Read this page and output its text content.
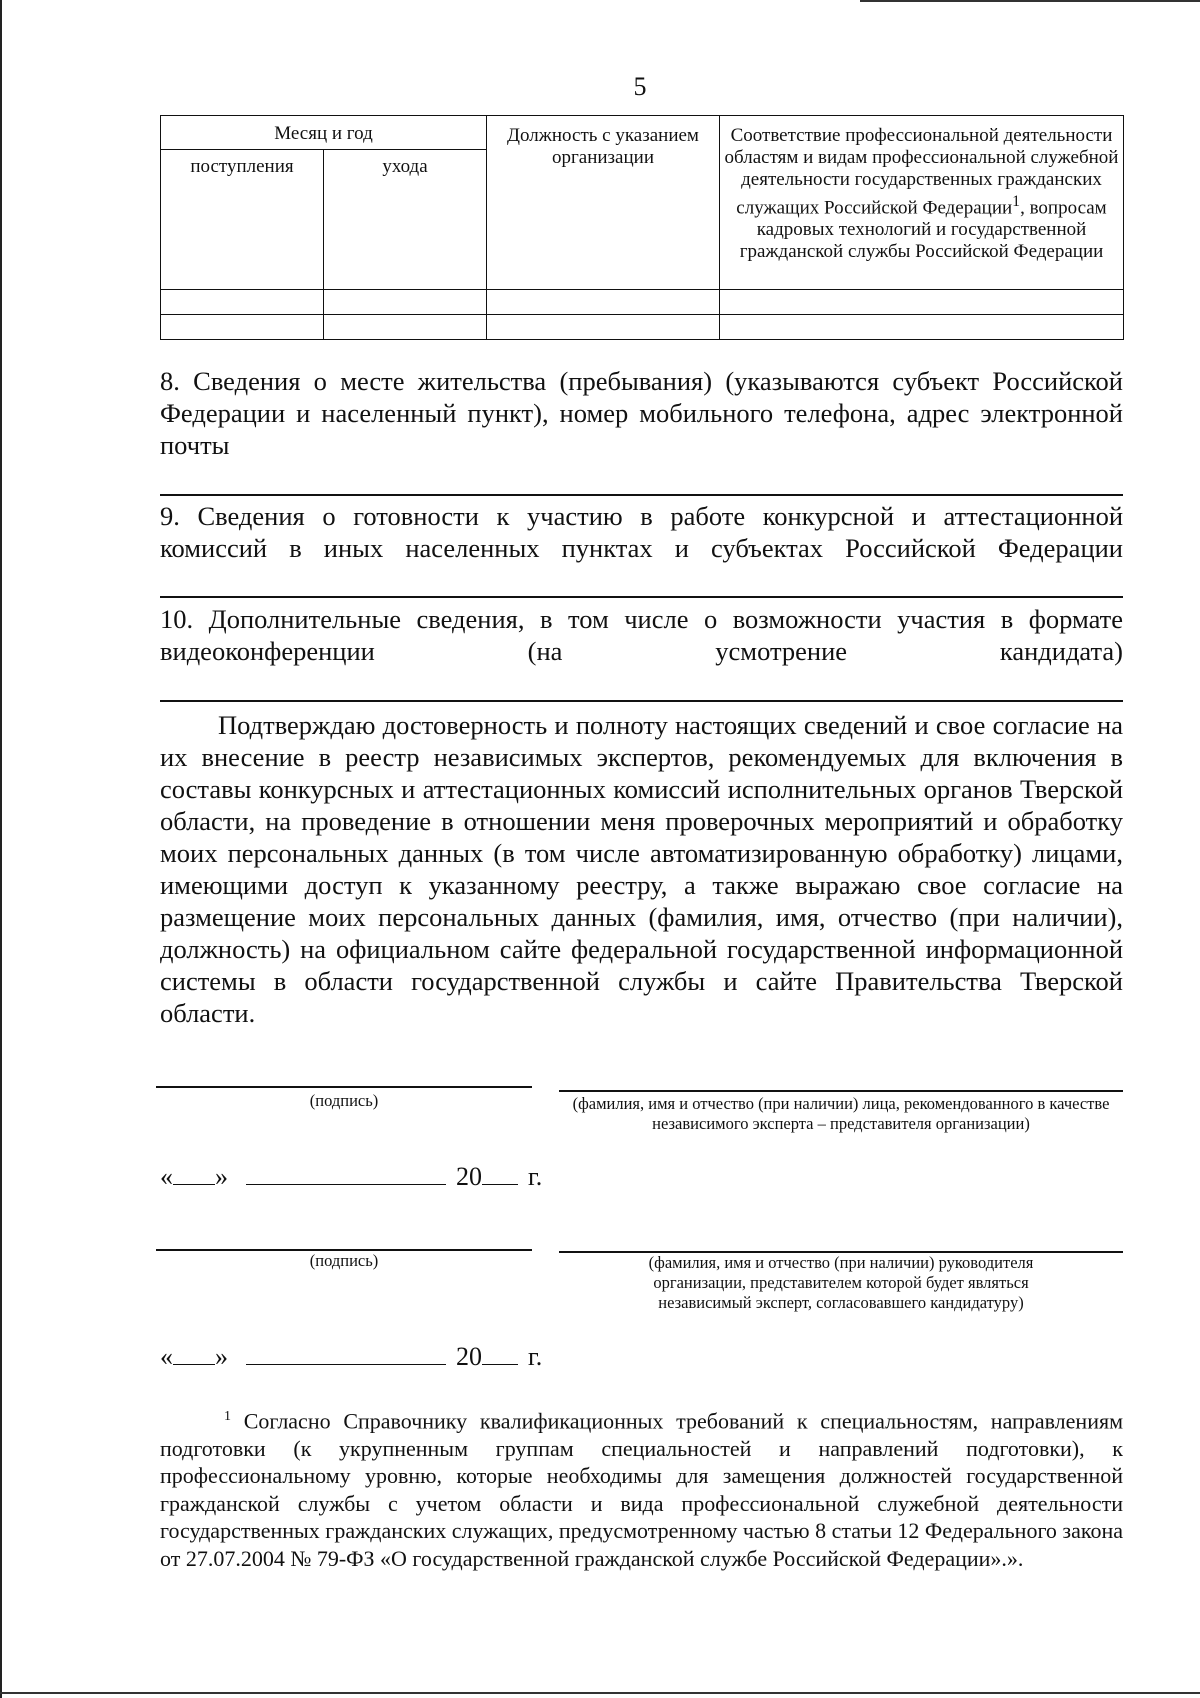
5
Месяц и год		Должность с указанием организации	Соответствие профессиональной деятельности областям и видам профессиональной служебной деятельности государственных гражданских служащих Российской Федерации$^1$, вопросам кадровых технологий и государственной гражданской службы Российской Федерации
поступления	ухода		

8. Сведения о месте жительства (пребывания) (указываются субъект Российской Федерации и населенный пункт), номер мобильного телефона, адрес электронной почты
9. Сведения о готовности к участию в работе конкурсной и аттестационной комиссий в иных населенных пунктах и субъектах Российской Федерации
10. Дополнительные сведения, в том числе о возможности участия в формате видеоконференции (на усмотрение кандидата)
Подтверждаю достоверность и полноту настоящих сведений и свое согласие на их внесение в реестр независимых экспертов, рекомендуемых для включения в составы конкурсных и аттестационных комиссий исполнительных органов Тверской области, на проведение в отношении меня проверочных мероприятий и обработку моих персональных данных (в том числе автоматизированную обработку) лицами, имеющими доступ к указанному реестру, а также выражаю свое согласие на размещение моих персональных данных (фамилия, имя, отчество (при наличии), должность) на официальном сайте федеральной государственной информационной системы в области государственной службы и сайте Правительства Тверской области.
(подпись)	(фамилия, имя и отчество (при наличии) лица, рекомендованного в качестве независимого эксперта – представителя организации)
« »	20 г.
(подпись)	(фамилия, имя и отчество (при наличии) руководителя организации, представителем которой будет являться независимый эксперт, согласовавшего кандидатуру)
« »	20 г.
$^1$ Согласно Справочнику квалификационных требований к специальностям, направлениям подготовки (к укрупненным группам специальностей и направлений подготовки), к профессиональному уровню, которые необходимы для замещения должностей государственной гражданской службы с учетом области и вида профессиональной служебной деятельности государственных гражданских служащих, предусмотренному частью 8 статьи 12 Федерального закона от 27.07.2004 № 79-ФЗ «О государственной гражданской службе Российской Федерации».».
